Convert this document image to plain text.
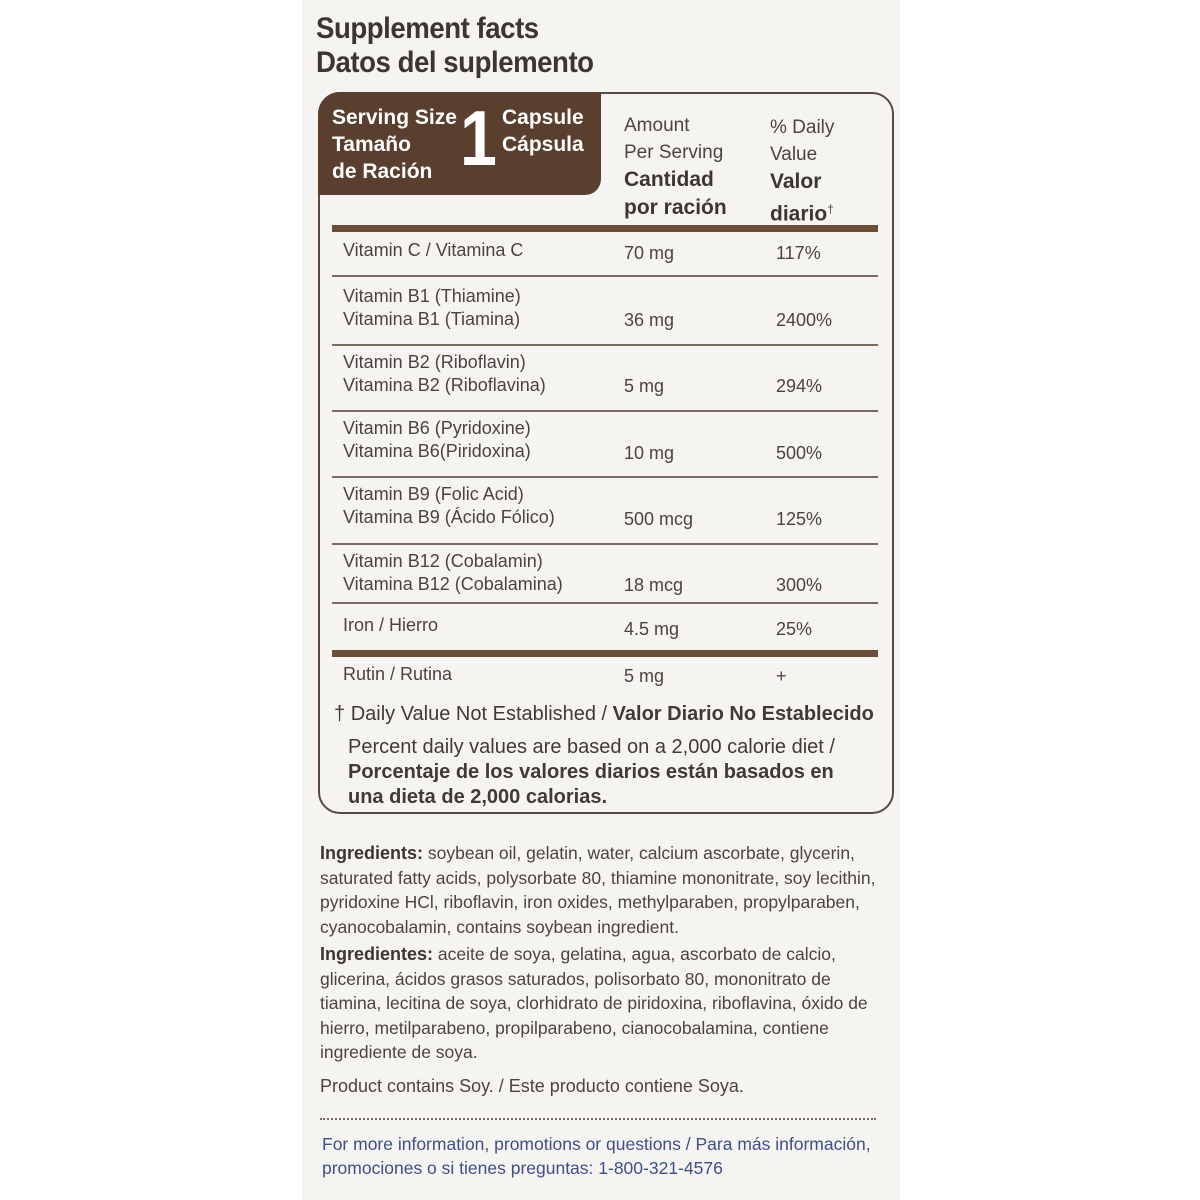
Supplement facts
Datos del suplemento
Serving Size
Tamaño
de Ración 1 Capsule
Cápsula
Amount
Per Serving
Cantidad
por ración
% Daily
Value
Valor
diario†
Vitamin C / Vitamina C	70 mg	117%
Vitamin B1 (Thiamine)
Vitamina B1 (Tiamina)	36 mg	2400%
Vitamin B2 (Riboflavin)
Vitamina B2 (Riboflavina)	5 mg	294%
Vitamin B6 (Pyridoxine)
Vitamina B6(Piridoxina)	10 mg	500%
Vitamin B9 (Folic Acid)
Vitamina B9 (Ácido Fólico)	500 mcg	125%
Vitamin B12 (Cobalamin)
Vitamina B12 (Cobalamina)	18 mcg	300%
Iron / Hierro	4.5 mg	25%
Rutin / Rutina	5 mg	+
† Daily Value Not Established / Valor Diario No Establecido
Percent daily values are based on a 2,000 calorie diet /
Porcentaje de los valores diarios están basados en
una dieta de 2,000 calorias.
Ingredients: soybean oil, gelatin, water, calcium ascorbate, glycerin, saturated fatty acids, polysorbate 80, thiamine mononitrate, soy lecithin, pyridoxine HCl, riboflavin, iron oxides, methylparaben, propylparaben, cyanocobalamin, contains soybean ingredient.
Ingredientes: aceite de soya, gelatina, agua, ascorbato de calcio, glicerina, ácidos grasos saturados, polisorbato 80, mononitrato de tiamina, lecitina de soya, clorhidrato de piridoxina, riboflavina, óxido de hierro, metilparabeno, propilparabeno, cianocobalamina, contiene ingrediente de soya.
Product contains Soy. / Este producto contiene Soya.
For more information, promotions or questions / Para más información, promociones o si tienes preguntas: 1-800-321-4576
